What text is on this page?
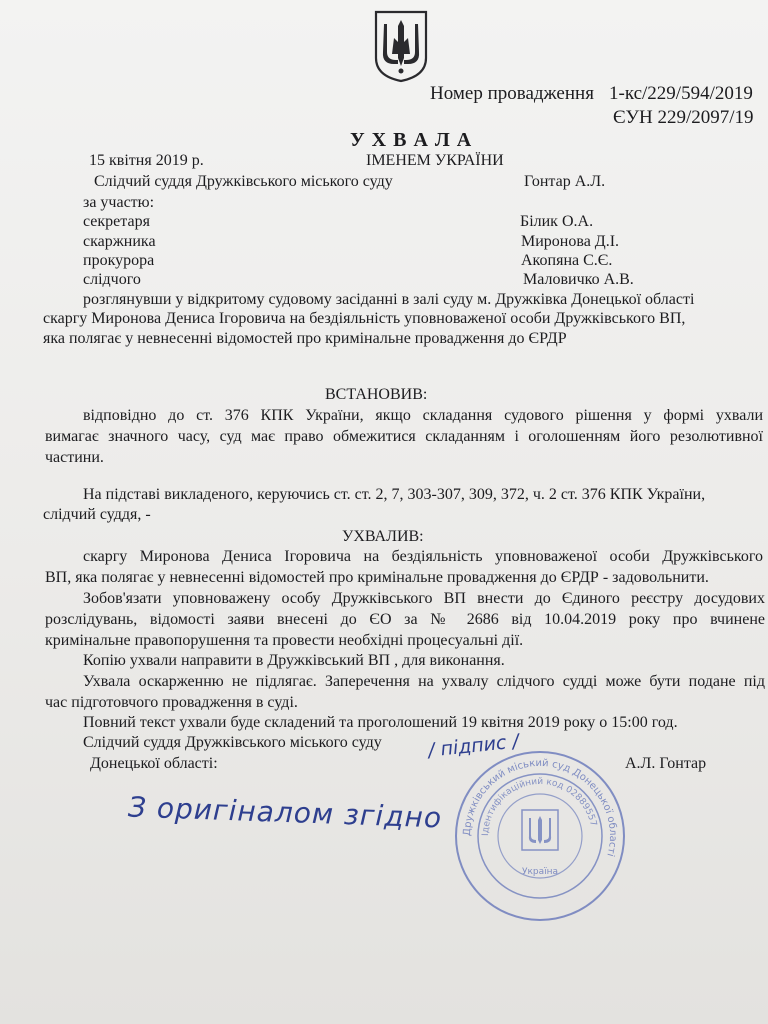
Номер провадження 1-кс/229/594/2019
ЄУН 229/2097/19
У Х В А Л А
15 квітня 2019 р.	ІМЕНЕМ УКРАЇНИ
Слідчий суддя Дружківського міського суду	Гонтар А.Л.
за участю:
секретаря	Білик О.А.
скаржника	Миронова Д.І.
прокурора	Акопяна С.Є.
слідчого	Маловичко А.В.
розглянувши у відкритому судовому засіданні в залі суду м. Дружківка Донецької області
скаргу Миронова Дениса Ігоровича на бездіяльність уповноваженої особи Дружківського ВП,
яка полягає у невнесенні відомостей про кримінальне провадження до ЄРДР
ВСТАНОВИВ:
відповідно до ст. 376 КПК України, якщо складання судового рішення у формі ухвали
вимагає значного часу, суд має право обмежитися складанням і оголошенням його резолютивної
частини.
На підставі викладеного, керуючись ст. ст. 2, 7, 303-307, 309, 372, ч. 2 ст. 376 КПК України,
слідчий суддя, -
УХВАЛИВ:
скаргу Миронова Дениса Ігоровича на бездіяльність уповноваженої особи Дружківського
ВП, яка полягає у невнесенні відомостей про кримінальне провадження до ЄРДР - задовольнити.
Зобов'язати уповноважену особу Дружківського ВП внести до Єдиного реєстру досудових
розслідувань, відомості заяви внесені до ЄО за № 2686 від 10.04.2019 року про вчинене
кримінальне правопорушення та провести необхідні процесуальні дії.
Копію ухвали направити в Дружківський ВП , для виконання.
Ухвала оскарженню не підлягає. Заперечення на ухвалу слідчого судді може бути подане під
час підготовчого провадження в суді.
Повний текст ухвали буде складений та проголошений 19 квітня 2019 року о 15:00 год.
Слідчий суддя Дружківського міського суду
Донецької області:	А.Л. Гонтар
Дружківський міський суд Донецької області
Ідентифікаційний код 02889557
Україна
/ підпис /
З оригіналом згідно
